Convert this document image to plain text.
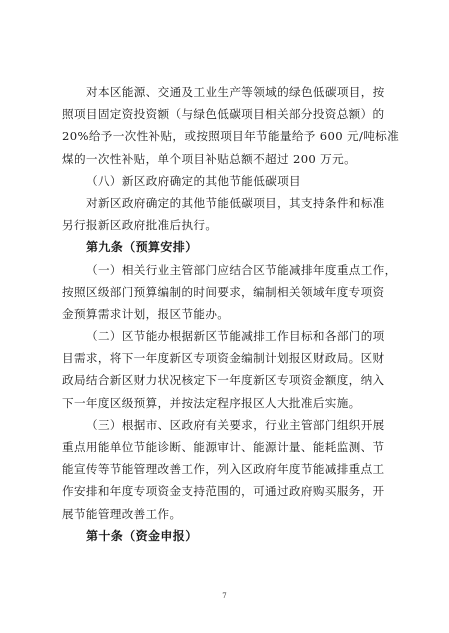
对本区能源、交通及工业生产等领域的绿色低碳项目，按
照项目固定资投资额（与绿色低碳项目相关部分投资总额）的
20%给予一次性补贴，或按照项目年节能量给予 600 元/吨标准
煤的一次性补贴，单个项目补贴总额不超过 200 万元。
（八）新区政府确定的其他节能低碳项目
对新区政府确定的其他节能低碳项目，其支持条件和标准
另行报新区政府批准后执行。
第九条（预算安排）
（一）相关行业主管部门应结合区节能减排年度重点工作，
按照区级部门预算编制的时间要求，编制相关领域年度专项资
金预算需求计划，报区节能办。
（二）区节能办根据新区节能减排工作目标和各部门的项
目需求，将下一年度新区专项资金编制计划报区财政局。区财
政局结合新区财力状况核定下一年度新区专项资金额度，纳入
下一年度区级预算，并按法定程序报区人大批准后实施。
（三）根据市、区政府有关要求，行业主管部门组织开展
重点用能单位节能诊断、能源审计、能源计量、能耗监测、节
能宣传等节能管理改善工作，列入区政府年度节能减排重点工
作安排和年度专项资金支持范围的，可通过政府购买服务，开
展节能管理改善工作。
第十条（资金申报）
7
